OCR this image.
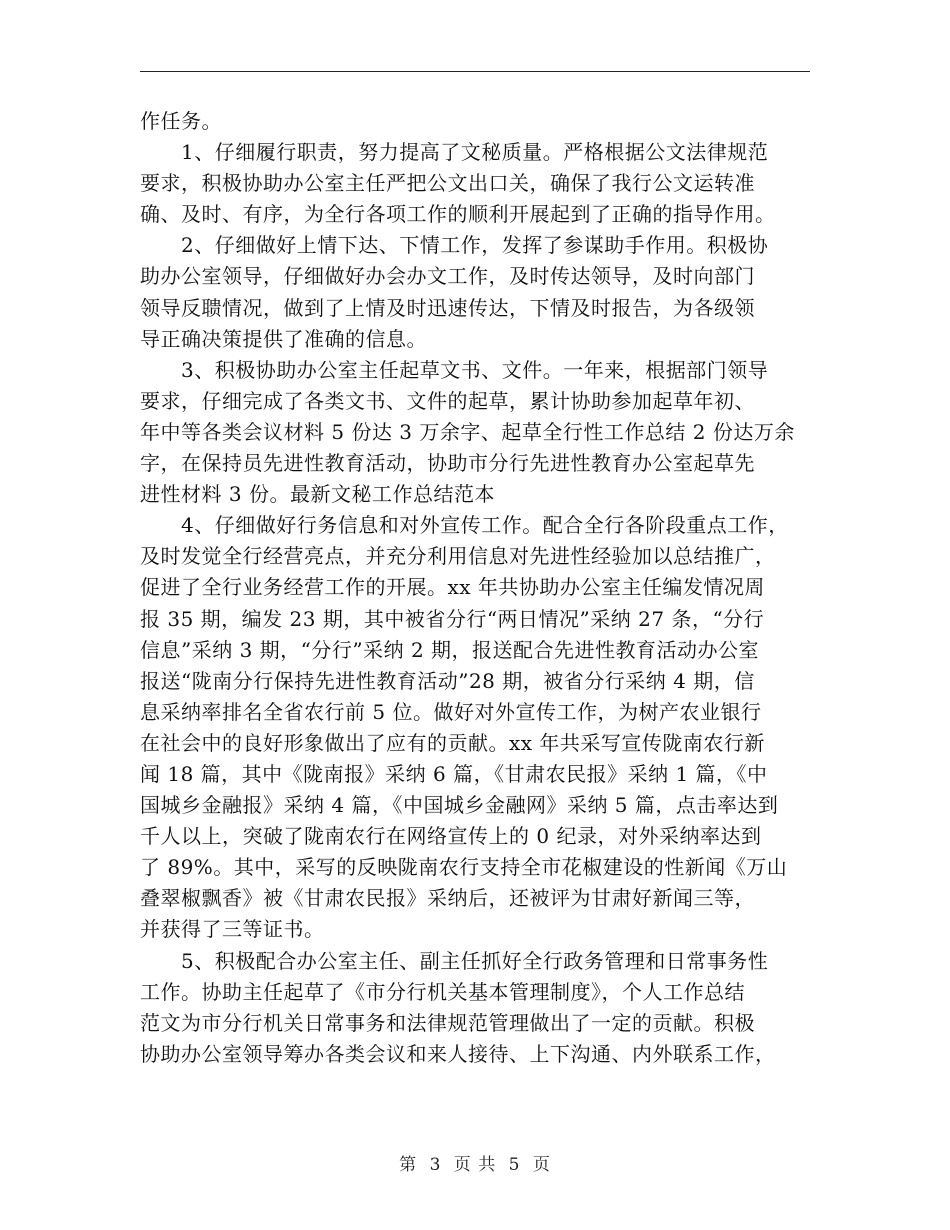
作任务。
　　1、仔细履行职责，努力提高了文秘质量。严格根据公文法律规范
要求，积极协助办公室主任严把公文出口关，确保了我行公文运转准
确、及时、有序，为全行各项工作的顺利开展起到了正确的指导作用。
　　2、仔细做好上情下达、下情工作，发挥了参谋助手作用。积极协
助办公室领导，仔细做好办会办文工作，及时传达领导，及时向部门
领导反聩情况，做到了上情及时迅速传达，下情及时报告，为各级领
导正确决策提供了准确的信息。
　　3、积极协助办公室主任起草文书、文件。一年来，根据部门领导
要求，仔细完成了各类文书、文件的起草，累计协助参加起草年初、
年中等各类会议材料 5 份达 3 万余字、起草全行性工作总结 2 份达万余
字，在保持员先进性教育活动，协助市分行先进性教育办公室起草先
进性材料 3 份。最新文秘工作总结范本
　　4、仔细做好行务信息和对外宣传工作。配合全行各阶段重点工作，
及时发觉全行经营亮点，并充分利用信息对先进性经验加以总结推广，
促进了全行业务经营工作的开展。xx 年共协助办公室主任编发情况周
报 35 期，编发 23 期，其中被省分行“两日情况”采纳 27 条，“分行
信息”采纳 3 期，“分行”采纳 2 期，报送配合先进性教育活动办公室
报送“陇南分行保持先进性教育活动”28 期，被省分行采纳 4 期，信
息采纳率排名全省农行前 5 位。做好对外宣传工作，为树产农业银行
在社会中的良好形象做出了应有的贡献。xx 年共采写宣传陇南农行新
闻 18 篇，其中《陇南报》采纳 6 篇，《甘肃农民报》采纳 1 篇，《中
国城乡金融报》采纳 4 篇，《中国城乡金融网》采纳 5 篇，点击率达到
千人以上，突破了陇南农行在网络宣传上的 0 纪录，对外采纳率达到
了 89%。其中，采写的反映陇南农行支持全市花椒建设的性新闻《万山
叠翠椒飘香》被《甘肃农民报》采纳后，还被评为甘肃好新闻三等，
并获得了三等证书。
　　5、积极配合办公室主任、副主任抓好全行政务管理和日常事务性
工作。协助主任起草了《市分行机关基本管理制度》，个人工作总结
范文为市分行机关日常事务和法律规范管理做出了一定的贡献。积极
协助办公室领导筹办各类会议和来人接待、上下沟通、内外联系工作，
第 3 页 共 5 页
